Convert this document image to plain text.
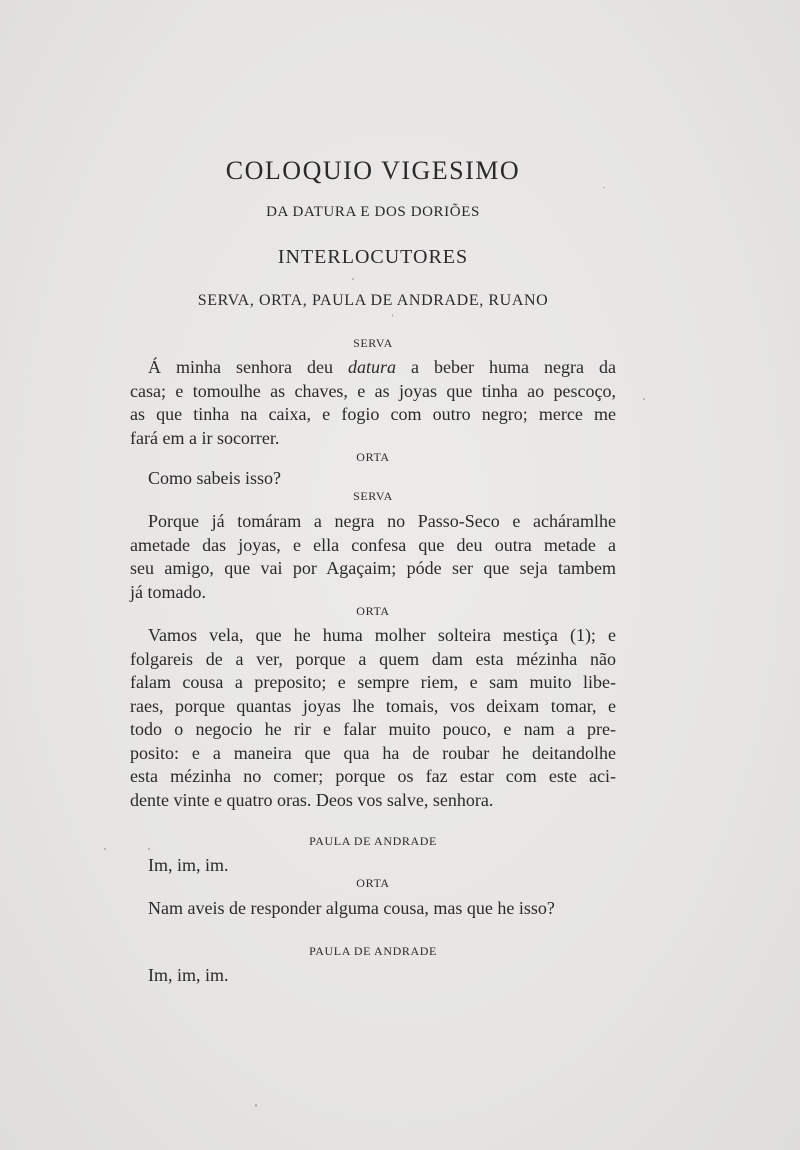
COLOQUIO VIGESIMO
DA DATURA E DOS DORIÕES
INTERLOCUTORES
SERVA, ORTA, PAULA DE ANDRADE, RUANO
SERVA
Á minha senhora deu datura a beber huma negra da
casa; e tomoulhe as chaves, e as joyas que tinha ao pescoço,
as que tinha na caixa, e fogio com outro negro; merce me
fará em a ir socorrer.
ORTA
Como sabeis isso?
SERVA
Porque já tomáram a negra no Passo-Seco e acháramlhe
ametade das joyas, e ella confesa que deu outra metade a
seu amigo, que vai por Agaçaim; póde ser que seja tambem
já tomado.
ORTA
Vamos vela, que he huma molher solteira mestiça (1); e
folgareis de a ver, porque a quem dam esta mézinha não
falam cousa a preposito; e sempre riem, e sam muito libe-
raes, porque quantas joyas lhe tomais, vos deixam tomar, e
todo o negocio he rir e falar muito pouco, e nam a pre-
posito: e a maneira que qua ha de roubar he deitandolhe
esta mézinha no comer; porque os faz estar com este aci-
dente vinte e quatro oras. Deos vos salve, senhora.
PAULA DE ANDRADE
Im, im, im.
ORTA
Nam aveis de responder alguma cousa, mas que he isso?
PAULA DE ANDRADE
Im, im, im.
